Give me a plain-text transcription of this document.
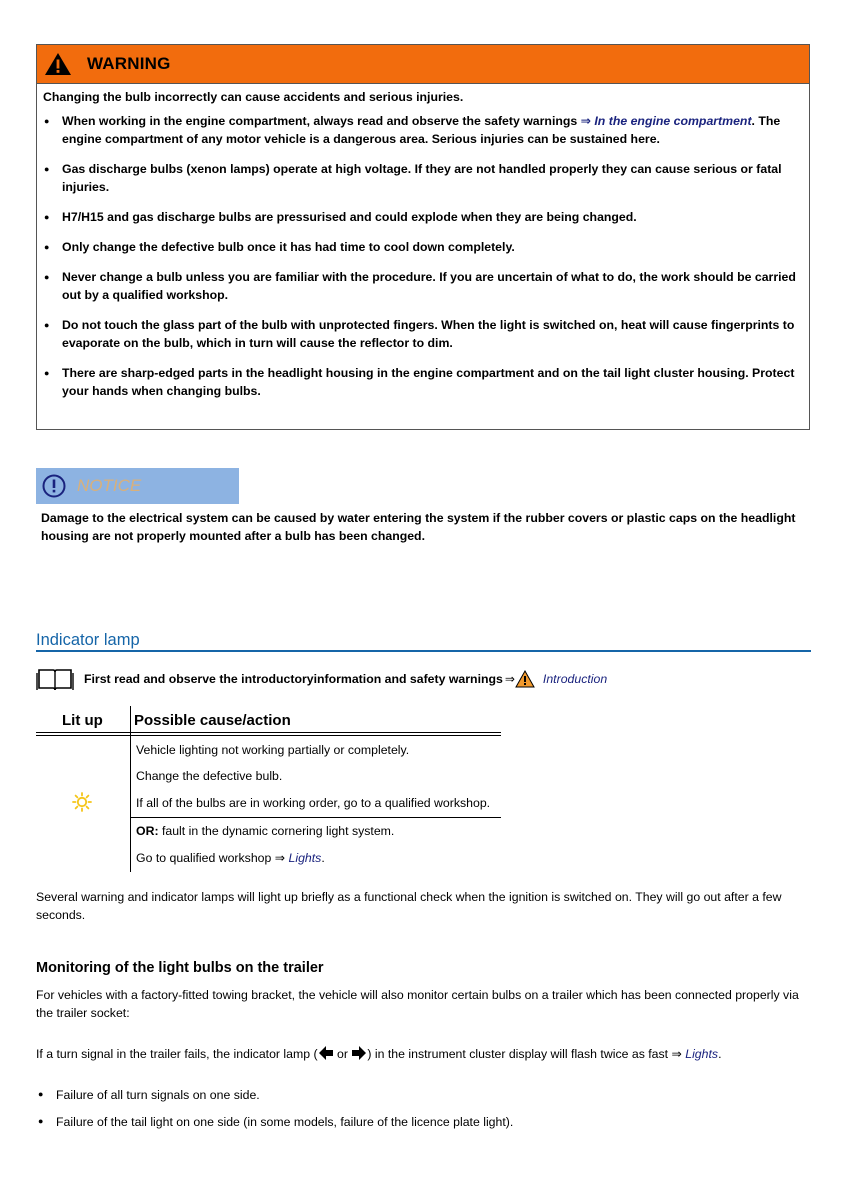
WARNING
Changing the bulb incorrectly can cause accidents and serious injuries.
● When working in the engine compartment, always read and observe the safety warnings ⇒ In the engine compartment. The engine compartment of any motor vehicle is a dangerous area. Serious injuries can be sustained here.
● Gas discharge bulbs (xenon lamps) operate at high voltage. If they are not handled properly they can cause serious or fatal injuries.
● H7/H15 and gas discharge bulbs are pressurised and could explode when they are being changed.
● Only change the defective bulb once it has had time to cool down completely.
● Never change a bulb unless you are familiar with the procedure. If you are uncertain of what to do, the work should be carried out by a qualified workshop.
● Do not touch the glass part of the bulb with unprotected fingers. When the light is switched on, heat will cause fingerprints to evaporate on the bulb, which in turn will cause the reflector to dim.
● There are sharp-edged parts in the headlight housing in the engine compartment and on the tail light cluster housing. Protect your hands when changing bulbs.
NOTICE
Damage to the electrical system can be caused by water entering the system if the rubber covers or plastic caps on the headlight housing are not properly mounted after a bulb has been changed.
Indicator lamp
First read and observe the introductoryinformation and safety warnings ⇒ Introduction
Lit up Possible cause/action
Vehicle lighting not working partially or completely.
Change the defective bulb.
If all of the bulbs are in working order, go to a qualified workshop.
OR: fault in the dynamic cornering light system.
Go to qualified workshop ⇒ Lights.
Several warning and indicator lamps will light up briefly as a functional check when the ignition is switched on. They will go out after a few seconds.
Monitoring of the light bulbs on the trailer
For vehicles with a factory-fitted towing bracket, the vehicle will also monitor certain bulbs on a trailer which has been connected properly via the trailer socket:
If a turn signal in the trailer fails, the indicator lamp ( or ) in the instrument cluster display will flash twice as fast ⇒ Lights.
● Failure of all turn signals on one side.
● Failure of the tail light on one side (in some models, failure of the licence plate light).
